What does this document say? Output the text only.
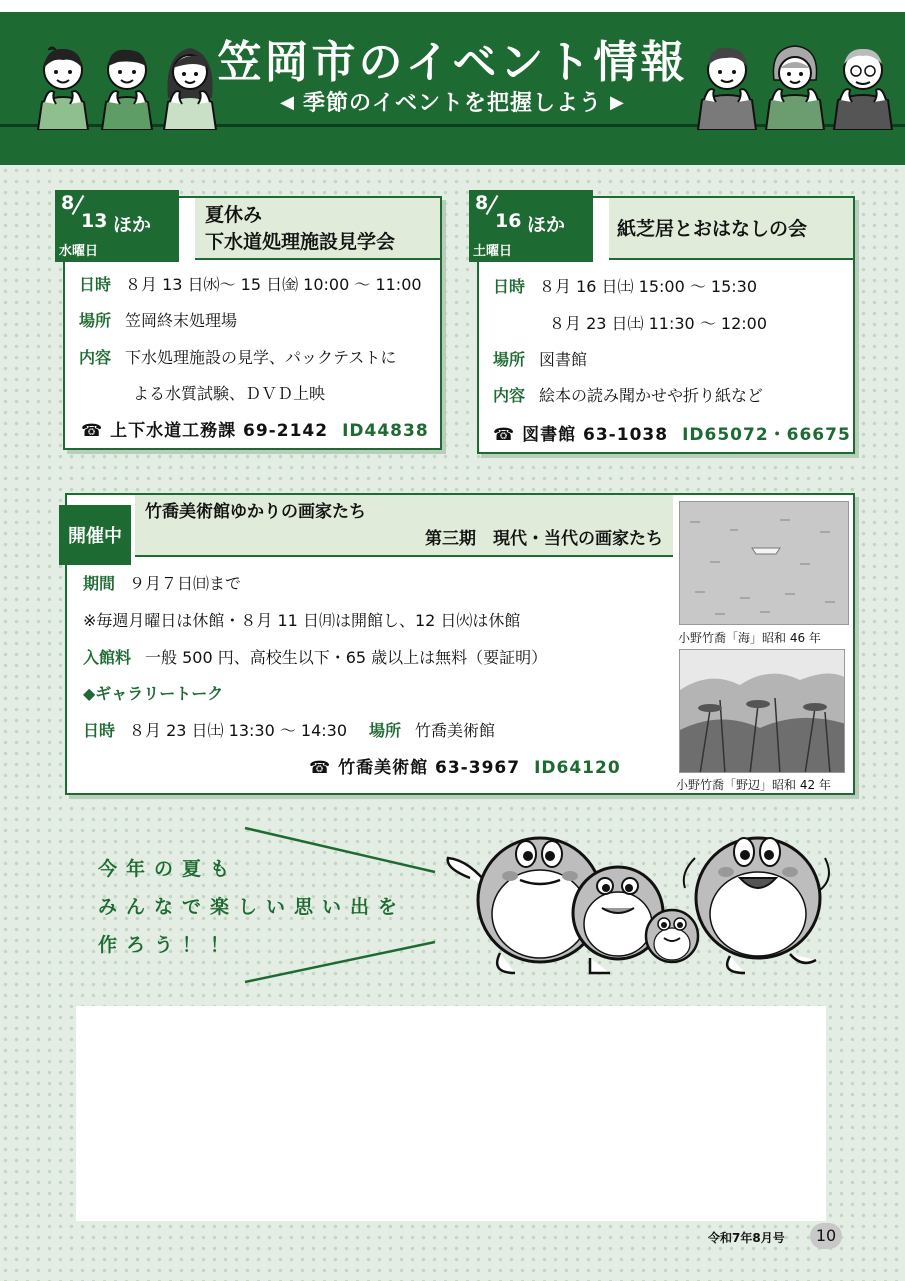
笠岡市のイベント情報
◀ 季節のイベントを把握しよう ▶
8
13 ほか
水曜日
夏休み
下水道処理施設見学会
日時 ８月 13 日㈬～ 15 日㈮ 10:00 ～ 11:00
場所 笠岡終末処理場
内容 下水処理施設の見学、パックテストに
よる水質試験、ＤＶＤ上映
☎ 上下水道工務課 69-2142 ID44838
8
16 ほか
土曜日
紙芝居とおはなしの会
日時 ８月 16 日㈯ 15:00 ～ 15:30
８月 23 日㈯ 11:30 ～ 12:00
場所 図書館
内容 絵本の読み聞かせや折り紙など
☎ 図書館 63-1038 ID65072・66675
開催中
竹喬美術館ゆかりの画家たち
第三期　現代・当代の画家たち
期間 ９月７日㈰まで
※毎週月曜日は休館・８月 11 日㈪は開館し、12 日㈫は休館
入館料 一般 500 円、高校生以下・65 歳以上は無料（要証明）
◆ギャラリートーク
日時 ８月 23 日㈯ 13:30 ～ 14:30 場所 竹喬美術館
☎ 竹喬美術館 63-3967 ID64120
小野竹喬「海」昭和 46 年
小野竹喬「野辺」昭和 42 年
今年の夏も
みんなで楽しい思い出を
作ろう！！
令和7年8月号	10
